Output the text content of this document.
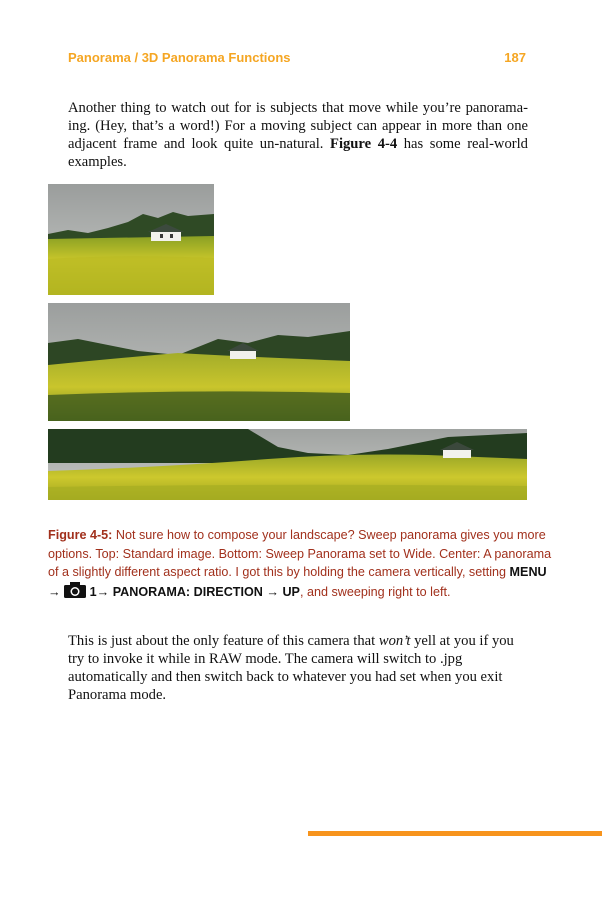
Panorama / 3D Panorama Functions	187

Another thing to watch out for is subjects that move while you’re panorama-ing. (Hey, that’s a word!) For a moving subject can appear in more than one adjacent frame and look quite un-natural. Figure 4-4 has some real-world examples.

Figure 4-5: Not sure how to compose your landscape? Sweep panorama gives you more options. Top: Standard image. Bottom: Sweep Panorama set to Wide. Center: A panorama of a slightly different aspect ratio. I got this by holding the camera vertically, setting MENU →  1→ PANORAMA: DIRECTION → UP, and sweeping right to left.

This is just about the only feature of this camera that won’t yell at you if you try to invoke it while in RAW mode. The camera will switch to .jpg automatically and then switch back to whatever you had set when you exit Panorama mode.
